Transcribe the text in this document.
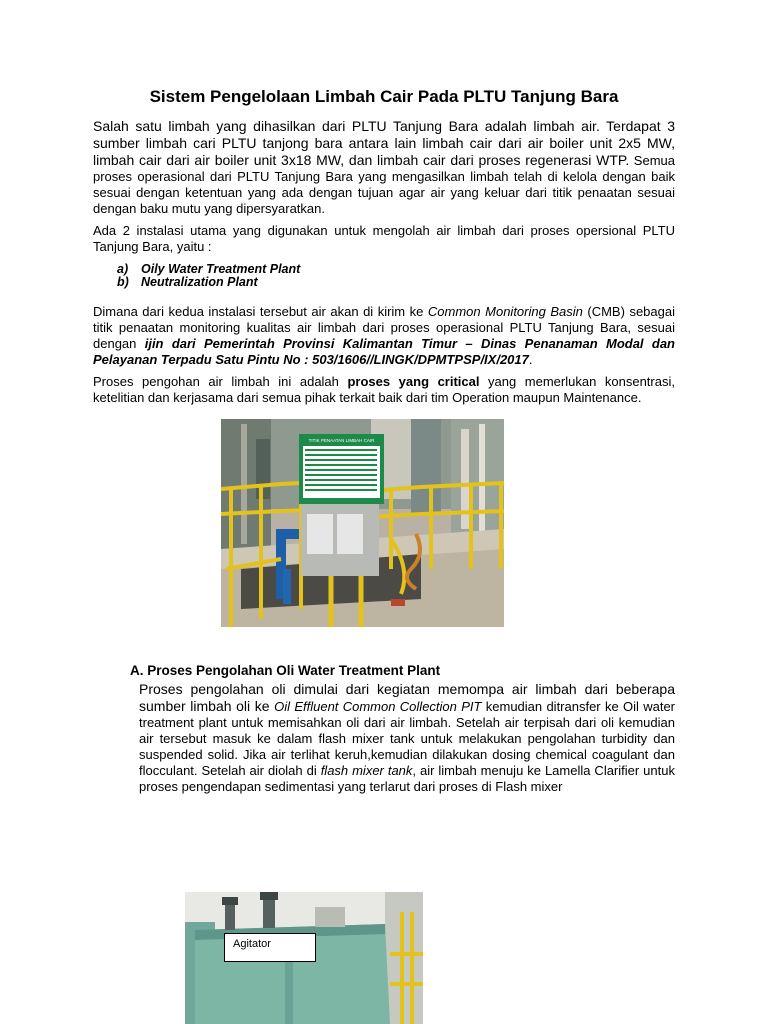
Sistem Pengelolaan Limbah Cair Pada PLTU Tanjung Bara
Salah satu limbah yang dihasilkan dari PLTU Tanjung Bara adalah limbah air. Terdapat 3 sumber limbah cari PLTU tanjong bara antara lain limbah cair dari air boiler unit 2x5 MW, limbah cair dari air boiler unit 3x18 MW, dan limbah cair dari proses regenerasi WTP. Semua proses operasional dari PLTU Tanjung Bara yang mengasilkan limbah telah di kelola dengan baik sesuai dengan ketentuan yang ada dengan tujuan agar air yang keluar dari titik penaatan sesuai dengan baku mutu yang dipersyaratkan.
Ada 2 instalasi utama yang digunakan untuk mengolah air limbah dari proses opersional PLTU Tanjung Bara, yaitu :
a) Oily Water Treatment Plant
b) Neutralization Plant
Dimana dari kedua instalasi tersebut air akan di kirim ke Common Monitoring Basin (CMB) sebagai titik penaatan monitoring kualitas air limbah dari proses operasional PLTU Tanjung Bara, sesuai dengan ijin dari Pemerintah Provinsi Kalimantan Timur – Dinas Penanaman Modal dan Pelayanan Terpadu Satu Pintu No : 503/1606//LINGK/DPMTPSP/IX/2017.
Proses pengohan air limbah ini adalah proses yang critical yang memerlukan konsentrasi, ketelitian dan kerjasama dari semua pihak terkait baik dari tim Operation maupun Maintenance.
TITIK PENAATAN LIMBAH CAIR
A. Proses Pengolahan Oli Water Treatment Plant
Proses pengolahan oli dimulai dari kegiatan memompa air limbah dari beberapa sumber limbah oli ke Oil Effluent Common Collection PIT kemudian ditransfer ke Oil water treatment plant untuk memisahkan oli dari air limbah. Setelah air terpisah dari oli kemudian air tersebut masuk ke dalam flash mixer tank untuk melakukan pengolahan turbidity dan suspended solid. Jika air terlihat keruh,kemudian dilakukan dosing chemical coagulant dan flocculant. Setelah air diolah di flash mixer tank, air limbah menuju ke Lamella Clarifier untuk proses pengendapan sedimentasi yang terlarut dari proses di Flash mixer
Agitator
